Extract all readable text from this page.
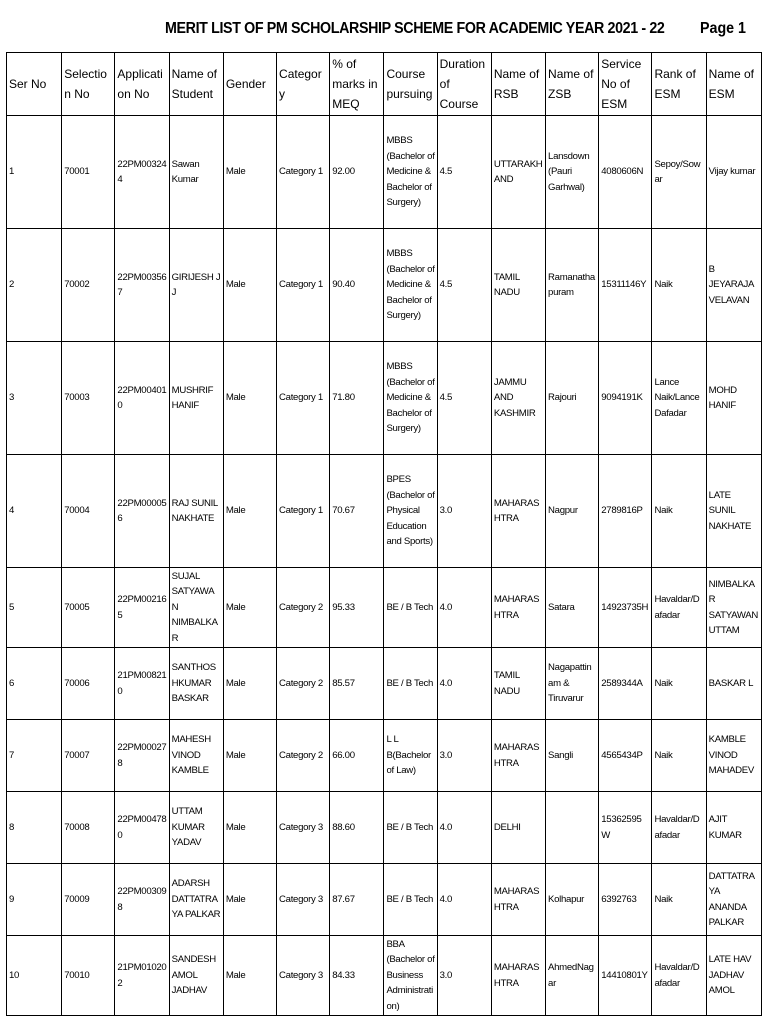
MERIT LIST OF PM SCHOLARSHIP SCHEME FOR ACADEMIC YEAR 2021 - 22 Page 1
Ser No	Selection No	Application No	Name of Student	Gender	Category	% of marks in MEQ	Course pursuing	Duration of Course	Name of RSB	Name of ZSB	Service No of ESM	Rank of ESM	Name of ESM
1	70001	22PM003244	Sawan Kumar	Male	Category 1	92.00	MBBS (Bachelor of Medicine & Bachelor of Surgery)	4.5	UTTARAKHAND	Lansdown (Pauri Garhwal)	4080606N	Sepoy/Sowar	Vijay kumar
2	70002	22PM003567	GIRIJESH J J	Male	Category 1	90.40	MBBS (Bachelor of Medicine & Bachelor of Surgery)	4.5	TAMIL NADU	Ramanathapuram	15311146Y	Naik	B JEYARAJAVELAVAN
3	70003	22PM004010	MUSHRIF HANIF	Male	Category 1	71.80	MBBS (Bachelor of Medicine & Bachelor of Surgery)	4.5	JAMMU AND KASHMIR	Rajouri	9094191K	Lance Naik/Lance Dafadar	MOHD HANIF
4	70004	22PM000056	RAJ SUNIL NAKHATE	Male	Category 1	70.67	BPES (Bachelor of Physical Education and Sports)	3.0	MAHARASHTRA	Nagpur	2789816P	Naik	LATE SUNIL NAKHATE
5	70005	22PM002165	SUJAL SATYAWAN NIMBALKAR	Male	Category 2	95.33	BE / B Tech	4.0	MAHARASHTRA	Satara	14923735H	Havaldar/Dafadar	NIMBALKAR SATYAWAN UTTAM
6	70006	21PM008210	SANTHOSHKUMAR BASKAR	Male	Category 2	85.57	BE / B Tech	4.0	TAMIL NADU	Nagapattinam & Tiruvarur	2589344A	Naik	BASKAR L
7	70007	22PM000278	MAHESH VINOD KAMBLE	Male	Category 2	66.00	L L B(Bachelor of Law)	3.0	MAHARASHTRA	Sangli	4565434P	Naik	KAMBLE VINOD MAHADEV
8	70008	22PM004780	UTTAM KUMAR YADAV	Male	Category 3	88.60	BE / B Tech	4.0	DELHI		15362595W	Havaldar/Dafadar	AJIT KUMAR
9	70009	22PM003098	ADARSH DATTATRAYA PALKAR	Male	Category 3	87.67	BE / B Tech	4.0	MAHARASHTRA	Kolhapur	6392763	Naik	DATTATRAYA ANANDA PALKAR
10	70010	21PM010202	SANDESH AMOL JADHAV	Male	Category 3	84.33	BBA (Bachelor of Business Administration)	3.0	MAHARASHTRA	AhmedNagar	14410801Y	Havaldar/Dafadar	LATE HAV JADHAV AMOL
